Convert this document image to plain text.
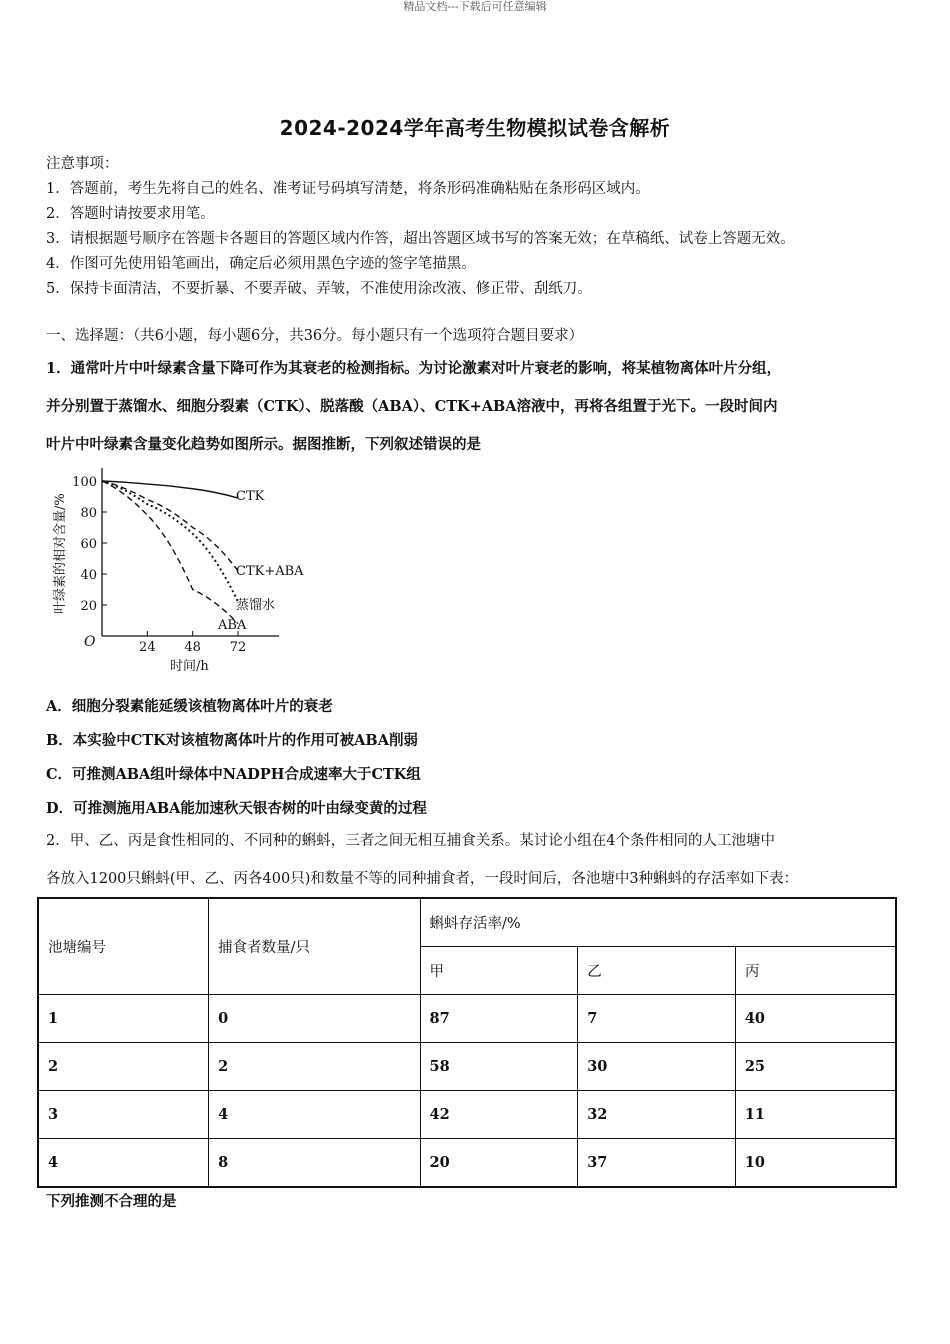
精品文档---下载后可任意编辑
2024-2024学年高考生物模拟试卷含解析

注意事项：

1．答题前，考生先将自己的姓名、准考证号码填写清楚，将条形码准确粘贴在条形码区域内。

2．答题时请按要求用笔。

3．请根据题号顺序在答题卡各题目的答题区域内作答，超出答题区域书写的答案无效；在草稿纸、试卷上答题无效。

4．作图可先使用铅笔画出，确定后必须用黑色字迹的签字笔描黑。

5．保持卡面清洁，不要折暴、不要弄破、弄皱，不准使用涂改液、修正带、刮纸刀。

一、选择题：（共6小题，每小题6分，共36分。每小题只有一个选项符合题目要求）

1．通常叶片中叶绿素含量下降可作为其衰老的检测指标。为讨论激素对叶片衰老的影响，将某植物离体叶片分组，

并分别置于蒸馏水、细胞分裂素（CTK）、脱落酸（ABA）、CTK+ABA溶液中，再将各组置于光下。一段时间内

叶片中叶绿素含量变化趋势如图所示。据图推断，下列叙述错误的是

O
时间/h
叶绿素的相对含量/% 20
40
60
80
100
24 48 72
CTK
CTK+ABA
蒸馏水
ABA

A．细胞分裂素能延缓该植物离体叶片的衰老

B．本实验中CTK对该植物离体叶片的作用可被ABA削弱

C．可推测ABA组叶绿体中NADPH合成速率大于CTK组

D．可推测施用ABA能加速秋天银杏树的叶由绿变黄的过程

2．甲、乙、丙是食性相同的、不同种的蝌蚪，三者之间无相互捕食关系。某讨论小组在4个条件相同的人工池塘中

各放入1200只蝌蚪(甲、乙、丙各400只)和数量不等的同种捕食者，一段时间后，各池塘中3种蝌蚪的存活率如下表：

池塘编号	捕食者数量/只	蝌蚪存活率/%		
		甲	乙	丙
1	0	87	7	40
2	2	58	30	25
3	4	42	32	11
4	8	20	37	10
下列推测不合理的是
